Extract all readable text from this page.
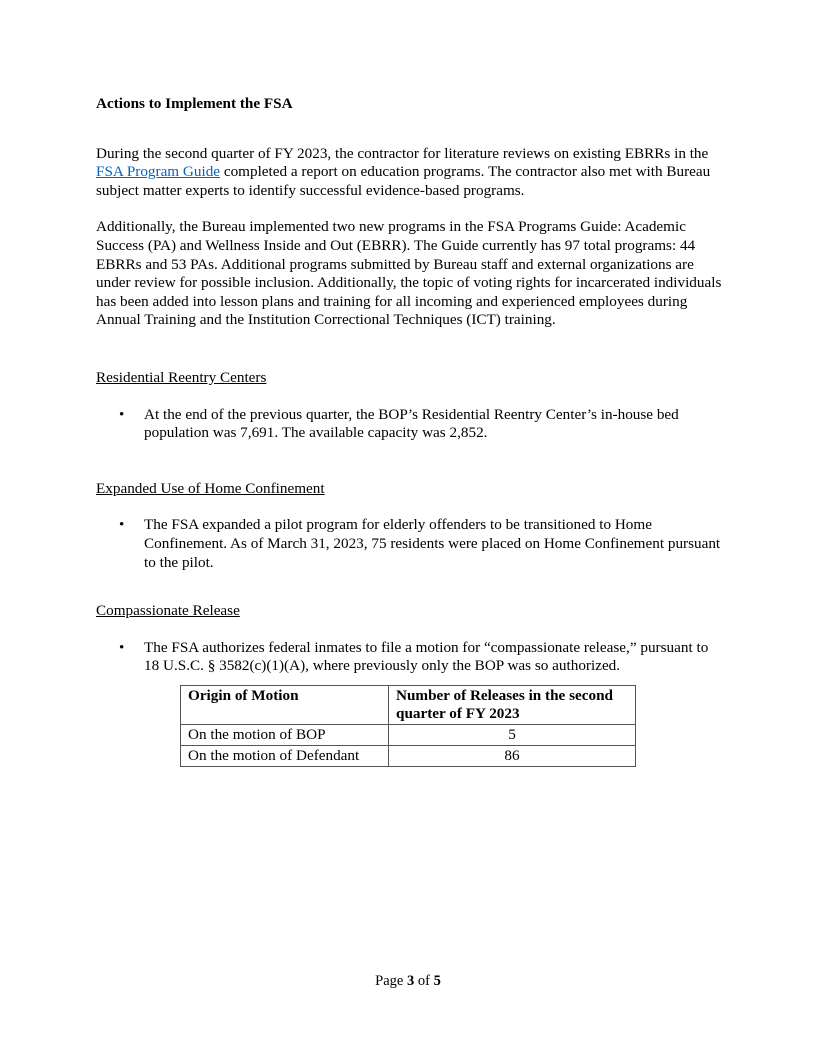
Actions to Implement the FSA

During the second quarter of FY 2023, the contractor for literature reviews on existing EBRRs in the FSA Program Guide completed a report on education programs. The contractor also met with Bureau subject matter experts to identify successful evidence-based programs.

Additionally, the Bureau implemented two new programs in the FSA Programs Guide: Academic Success (PA) and Wellness Inside and Out (EBRR). The Guide currently has 97 total programs: 44 EBRRs and 53 PAs. Additional programs submitted by Bureau staff and external organizations are under review for possible inclusion. Additionally, the topic of voting rights for incarcerated individuals has been added into lesson plans and training for all incoming and experienced employees during Annual Training and the Institution Correctional Techniques (ICT) training.

Residential Reentry Centers

• At the end of the previous quarter, the BOP’s Residential Reentry Center’s in-house bed population was 7,691. The available capacity was 2,852.

Expanded Use of Home Confinement

• The FSA expanded a pilot program for elderly offenders to be transitioned to Home Confinement. As of March 31, 2023, 75 residents were placed on Home Confinement pursuant to the pilot.

Compassionate Release

• The FSA authorizes federal inmates to file a motion for “compassionate release,” pursuant to 18 U.S.C. § 3582(c)(1)(A), where previously only the BOP was so authorized.
Origin of Motion	Number of Releases in the second quarter of FY 2023
On the motion of BOP	5
On the motion of Defendant	86
Page 3 of 5
